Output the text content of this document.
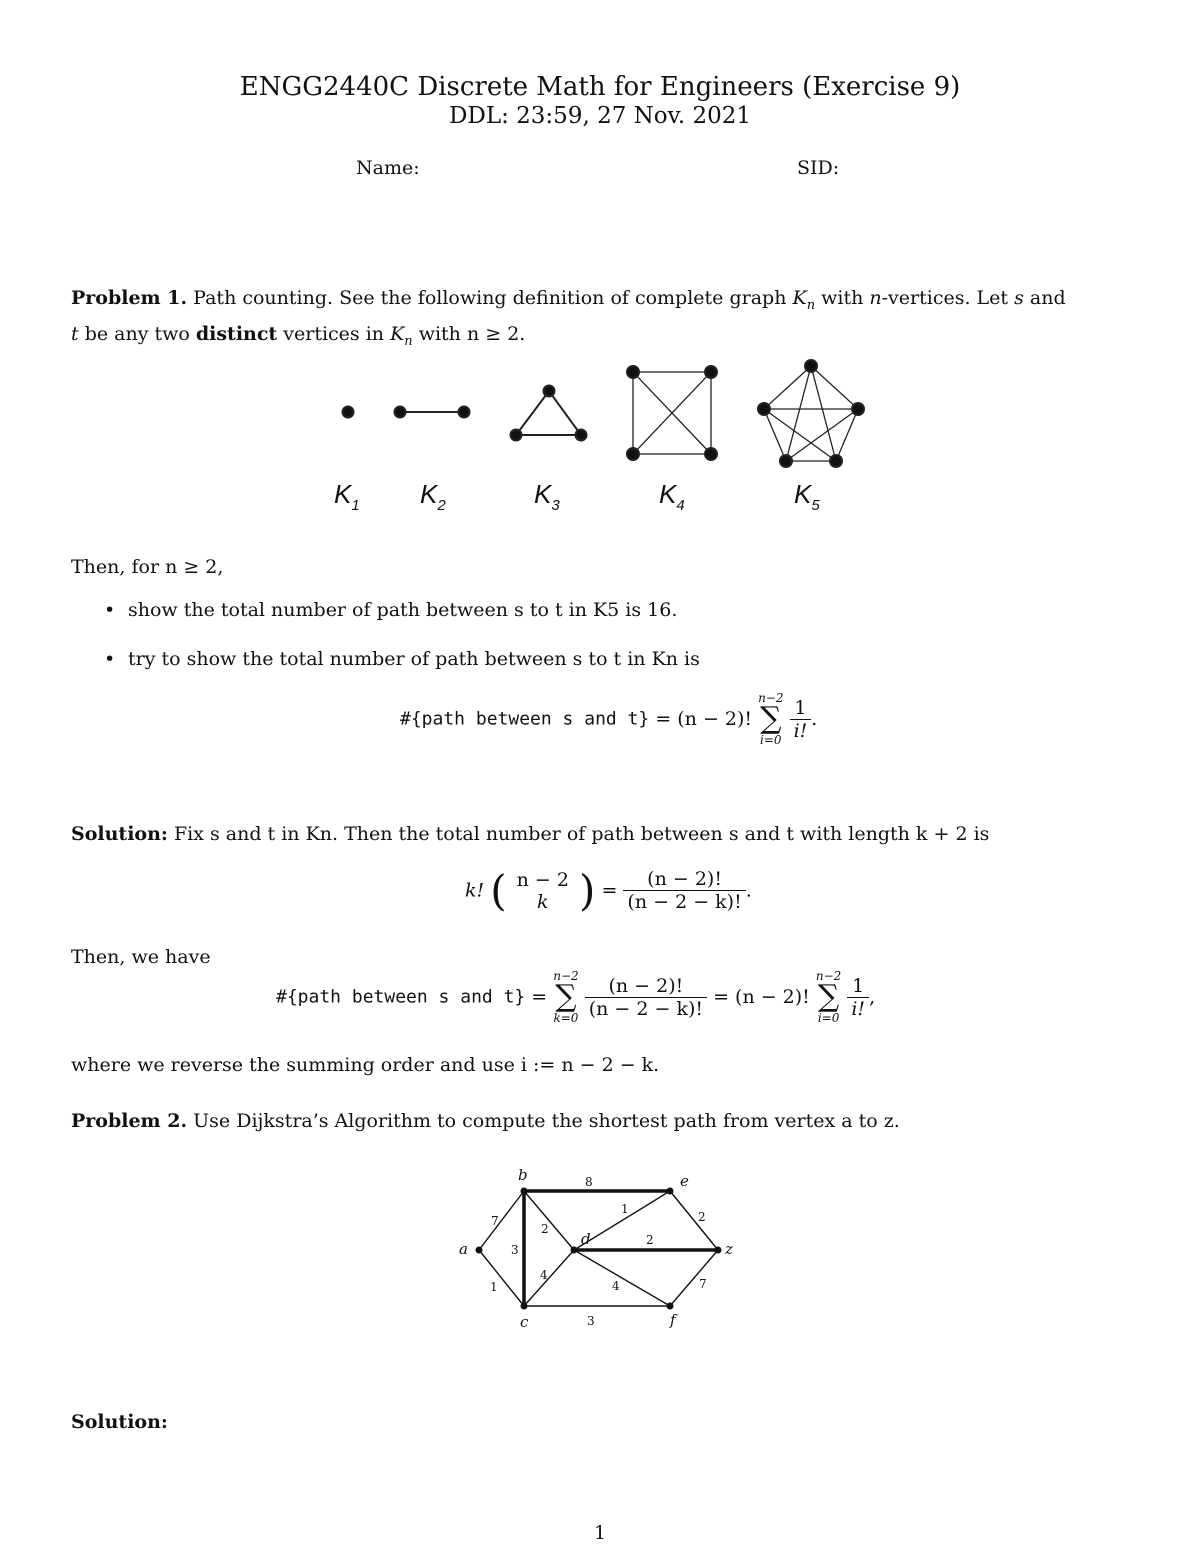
ENGG2440C Discrete Math for Engineers (Exercise 9)
DDL: 23:59, 27 Nov. 2021
Name:	SID:
Problem 1. Path counting. See the following definition of complete graph $K_n$ with n-vertices. Let s and
t be any two distinct vertices in $K_n$ with n ≥ 2.
$K_1$ $K_2$	$K_3$	$K_4$	$K_5$
Then, for n ≥ 2,
• show the total number of path between s to t in K5 is 16.
• try to show the total number of path between s to t in Kn is
#{path between s and t} = (n − 2)!
n−2
∑
i=0
$\frac{1}{i!}$ .
Solution: Fix s and t in Kn. Then the total number of path between s and t with length k + 2 is
k! ( n − 2
k ) = $\frac{(n - 2)!}{(n - 2 - k)!}$ .
Then, we have
#{path between s and t} =
n−2
∑
k=0
$\frac{(n - 2)!}{(n - 2 - k)!} = (n - 2)$!
n−2
∑
i=0
$\frac{1}{i!}$ ,
where we reverse the summing order and use i := n − 2 − k.
Problem 2. Use Dijkstra’s Algorithm to compute the shortest path from vertex a to z.
a
b
c
d
e
f
z
7
1
3
8
2
4
1
2
2
4
3
7
Solution:
1
